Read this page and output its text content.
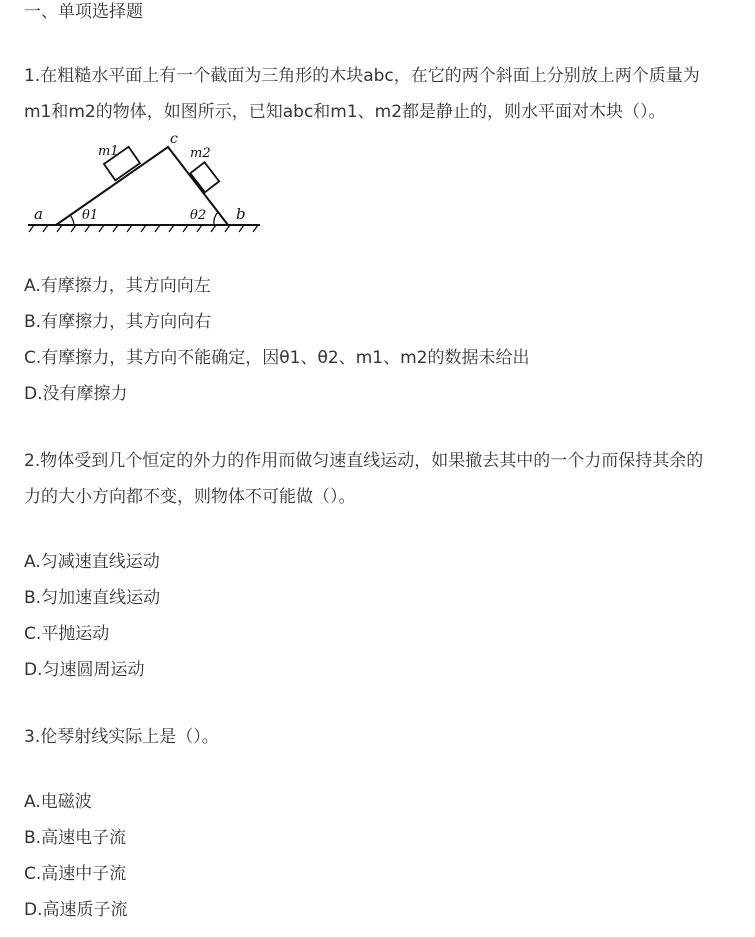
一、单项选择题
1.在粗糙水平面上有一个截面为三角形的木块abc，在它的两个斜面上分别放上两个质量为
m1和m2的物体，如图所示，已知abc和m1、m2都是静止的，则水平面对木块（）。
a	b
c
θ1	θ2
m1	m2
A.有摩擦力，其方向向左
B.有摩擦力，其方向向右
C.有摩擦力，其方向不能确定，因θ1、θ2、m1、m2的数据未给出
D.没有摩擦力
2.物体受到几个恒定的外力的作用而做匀速直线运动，如果撤去其中的一个力而保持其余的
力的大小方向都不变，则物体不可能做（）。
A.匀减速直线运动
B.匀加速直线运动
C.平抛运动
D.匀速圆周运动
3.伦琴射线实际上是（）。
A.电磁波
B.高速电子流
C.高速中子流
D.高速质子流
